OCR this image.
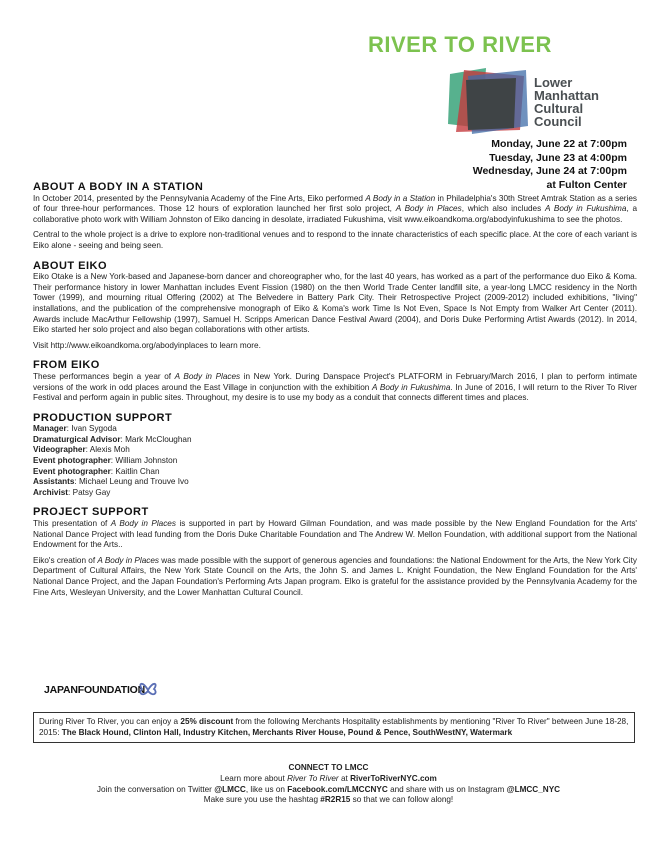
RIVER TO RIVER
Lower
Manhattan
Cultural
Council
Monday, June 22 at 7:00pm
Tuesday, June 23 at 4:00pm
Wednesday, June 24 at 7:00pm
at Fulton Center
ABOUT A BODY IN A STATION

In October 2014, presented by the Pennsylvania Academy of the Fine Arts, Eiko performed A Body in a Station in Philadelphia's 30th Street Amtrak Station as a series of four three-hour performances. Those 12 hours of exploration launched her first solo project, A Body in Places, which also includes A Body in Fukushima, a collaborative photo work with William Johnston of Eiko dancing in desolate, irradiated Fukushima, visit www.eikoandkoma.org/abodyinfukushima to see the photos.

Central to the whole project is a drive to explore non-traditional venues and to respond to the innate characteristics of each specific place. At the core of each variant is Eiko alone - seeing and being seen.

ABOUT EIKO

Eiko Otake is a New York-based and Japanese-born dancer and choreographer who, for the last 40 years, has worked as a part of the performance duo Eiko & Koma. Their performance history in lower Manhattan includes Event Fission (1980) on the then World Trade Center landfill site, a year-long LMCC residency in the North Tower (1999), and mourning ritual Offering (2002) at The Belvedere in Battery Park City. Their Retrospective Project (2009-2012) included exhibitions, "living" installations, and the publication of the comprehensive monograph of Eiko & Koma's work Time Is Not Even, Space Is Not Empty from Walker Art Center (2011). Awards include MacArthur Fellowship (1997), Samuel H. Scripps American Dance Festival Award (2004), and Doris Duke Performing Artist Awards (2012). In 2014, Eiko started her solo project and also began collaborations with other artists.

Visit http://www.eikoandkoma.org/abodyinplaces to learn more.

FROM EIKO

These performances begin a year of A Body in Places in New York. During Danspace Project's PLATFORM in February/March 2016, I plan to perform intimate versions of the work in odd places around the East Village in conjunction with the exhibition A Body in Fukushima. In June of 2016, I will return to the River To River Festival and perform again in public sites. Throughout, my desire is to use my body as a conduit that connects different times and places.

PRODUCTION SUPPORT
Manager: Ivan Sygoda
Dramaturgical Advisor: Mark McCloughan
Videographer: Alexis Moh
Event photographer: William Johnston
Event photographer: Kaitlin Chan
Assistants: Michael Leung and Trouve Ivo
Archivist: Patsy Gay
PROJECT SUPPORT

This presentation of A Body in Places is supported in part by Howard Gilman Foundation, and was made possible by the New England Foundation for the Arts' National Dance Project with lead funding from the Doris Duke Charitable Foundation and The Andrew W. Mellon Foundation, with additional support from the National Endowment for the Arts..

Eiko's creation of A Body in Places was made possible with the support of generous agencies and foundations: the National Endowment for the Arts, the New York City Department of Cultural Affairs, the New York State Council on the Arts, the John S. and James L. Knight Foundation, the New England Foundation for the Arts' National Dance Project, and the Japan Foundation's Performing Arts Japan program. Elko is grateful for the assistance provided by the Pennsylvania Academy for the Fine Arts, Wesleyan University, and the Lower Manhattan Cultural Council.

JAPANFOUNDATION
During River To River, you can enjoy a 25% discount from the following Merchants Hospitality establishments by mentioning "River To River" between June 18-28, 2015: The Black Hound, Clinton Hall, Industry Kitchen, Merchants River House, Pound & Pence, SouthWestNY, Watermark
CONNECT TO LMCC
Learn more about River To River at RiverToRiverNYC.com
Join the conversation on Twitter @LMCC, like us on Facebook.com/LMCCNYC and share with us on Instagram @LMCC_NYC
Make sure you use the hashtag #R2R15 so that we can follow along!
